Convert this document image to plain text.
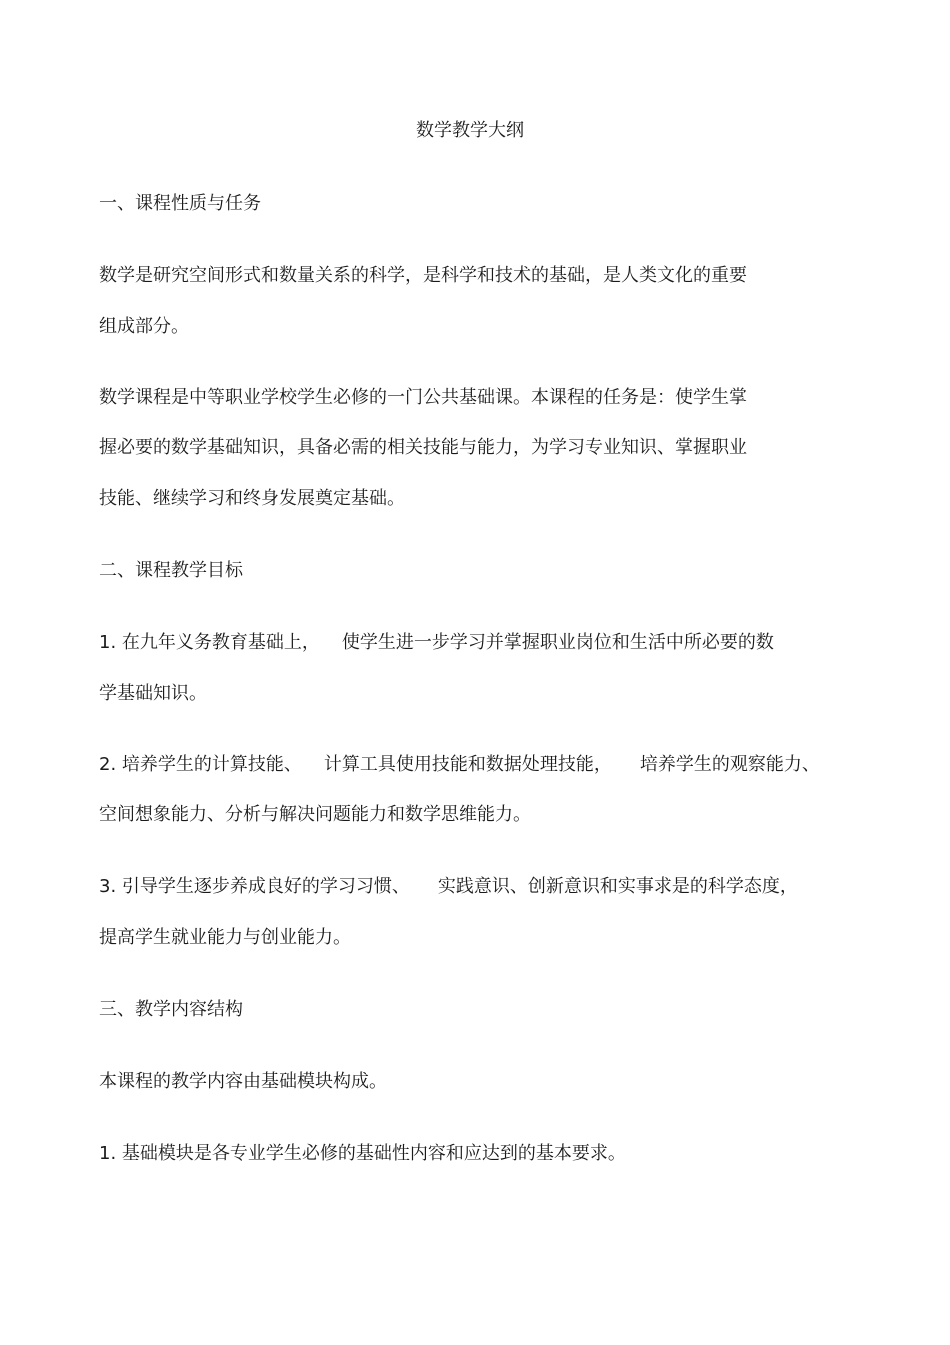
数学教学大纲
一、课程性质与任务
数学是研究空间形式和数量关系的科学，是科学和技术的基础，是人类文化的重要
组成部分。
数学课程是中等职业学校学生必修的一门公共基础课。本课程的任务是：使学生掌
握必要的数学基础知识，具备必需的相关技能与能力，为学习专业知识、掌握职业
技能、继续学习和终身发展奠定基础。
二、课程教学目标
1. 在九年义务教育基础上， 使学生进一步学习并掌握职业岗位和生活中所必要的数
学基础知识。
2. 培养学生的计算技能、 计算工具使用技能和数据处理技能， 培养学生的观察能力、
空间想象能力、分析与解决问题能力和数学思维能力。
3. 引导学生逐步养成良好的学习习惯、 实践意识、创新意识和实事求是的科学态度，
提高学生就业能力与创业能力。
三、教学内容结构
本课程的教学内容由基础模块构成。
1. 基础模块是各专业学生必修的基础性内容和应达到的基本要求。
